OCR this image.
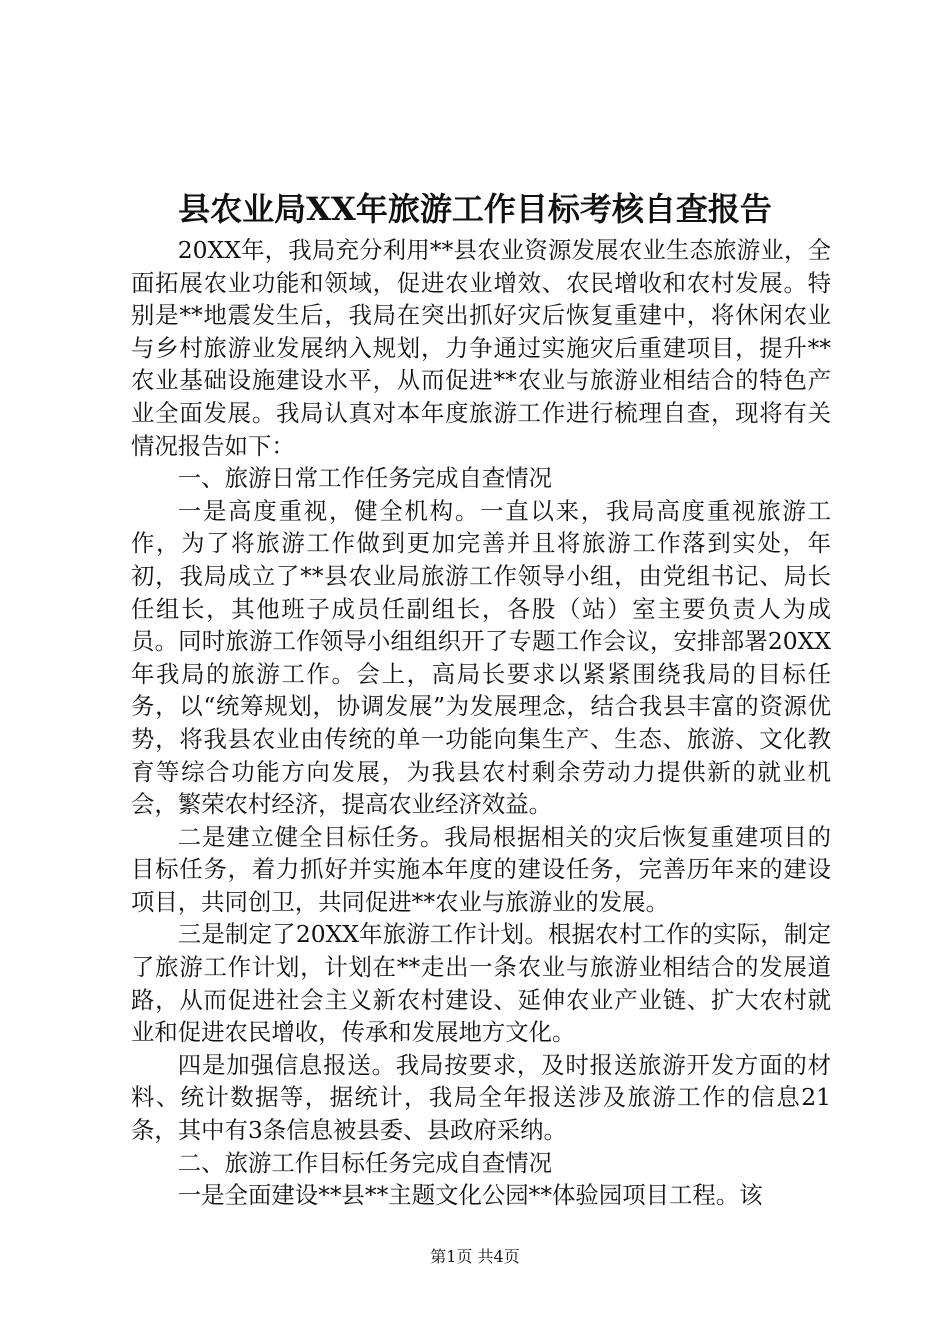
县农业局XX年旅游工作目标考核自查报告

20XX年，我局充分利用**县农业资源发展农业生态旅游业，全面拓展农业功能和领域，促进农业增效、农民增收和农村发展。特别是**地震发生后，我局在突出抓好灾后恢复重建中，将休闲农业与乡村旅游业发展纳入规划，力争通过实施灾后重建项目，提升**农业基础设施建设水平，从而促进**农业与旅游业相结合的特色产业全面发展。我局认真对本年度旅游工作进行梳理自查，现将有关情况报告如下：

一、旅游日常工作任务完成自查情况

一是高度重视，健全机构。一直以来，我局高度重视旅游工作，为了将旅游工作做到更加完善并且将旅游工作落到实处，年初，我局成立了**县农业局旅游工作领导小组，由党组书记、局长任组长，其他班子成员任副组长，各股（站）室主要负责人为成员。同时旅游工作领导小组组织开了专题工作会议，安排部署20XX年我局的旅游工作。会上，高局长要求以紧紧围绕我局的目标任务，以“统筹规划，协调发展”为发展理念，结合我县丰富的资源优势，将我县农业由传统的单一功能向集生产、生态、旅游、文化教育等综合功能方向发展，为我县农村剩余劳动力提供新的就业机会，繁荣农村经济，提高农业经济效益。

二是建立健全目标任务。我局根据相关的灾后恢复重建项目的目标任务，着力抓好并实施本年度的建设任务，完善历年来的建设项目，共同创卫，共同促进**农业与旅游业的发展。

三是制定了20XX年旅游工作计划。根据农村工作的实际，制定了旅游工作计划，计划在**走出一条农业与旅游业相结合的发展道路，从而促进社会主义新农村建设、延伸农业产业链、扩大农村就业和促进农民增收，传承和发展地方文化。

四是加强信息报送。我局按要求，及时报送旅游开发方面的材料、统计数据等，据统计，我局全年报送涉及旅游工作的信息21条，其中有3条信息被县委、县政府采纳。

二、旅游工作目标任务完成自查情况

一是全面建设**县**主题文化公园**体验园项目工程。该

第1页 共4页
